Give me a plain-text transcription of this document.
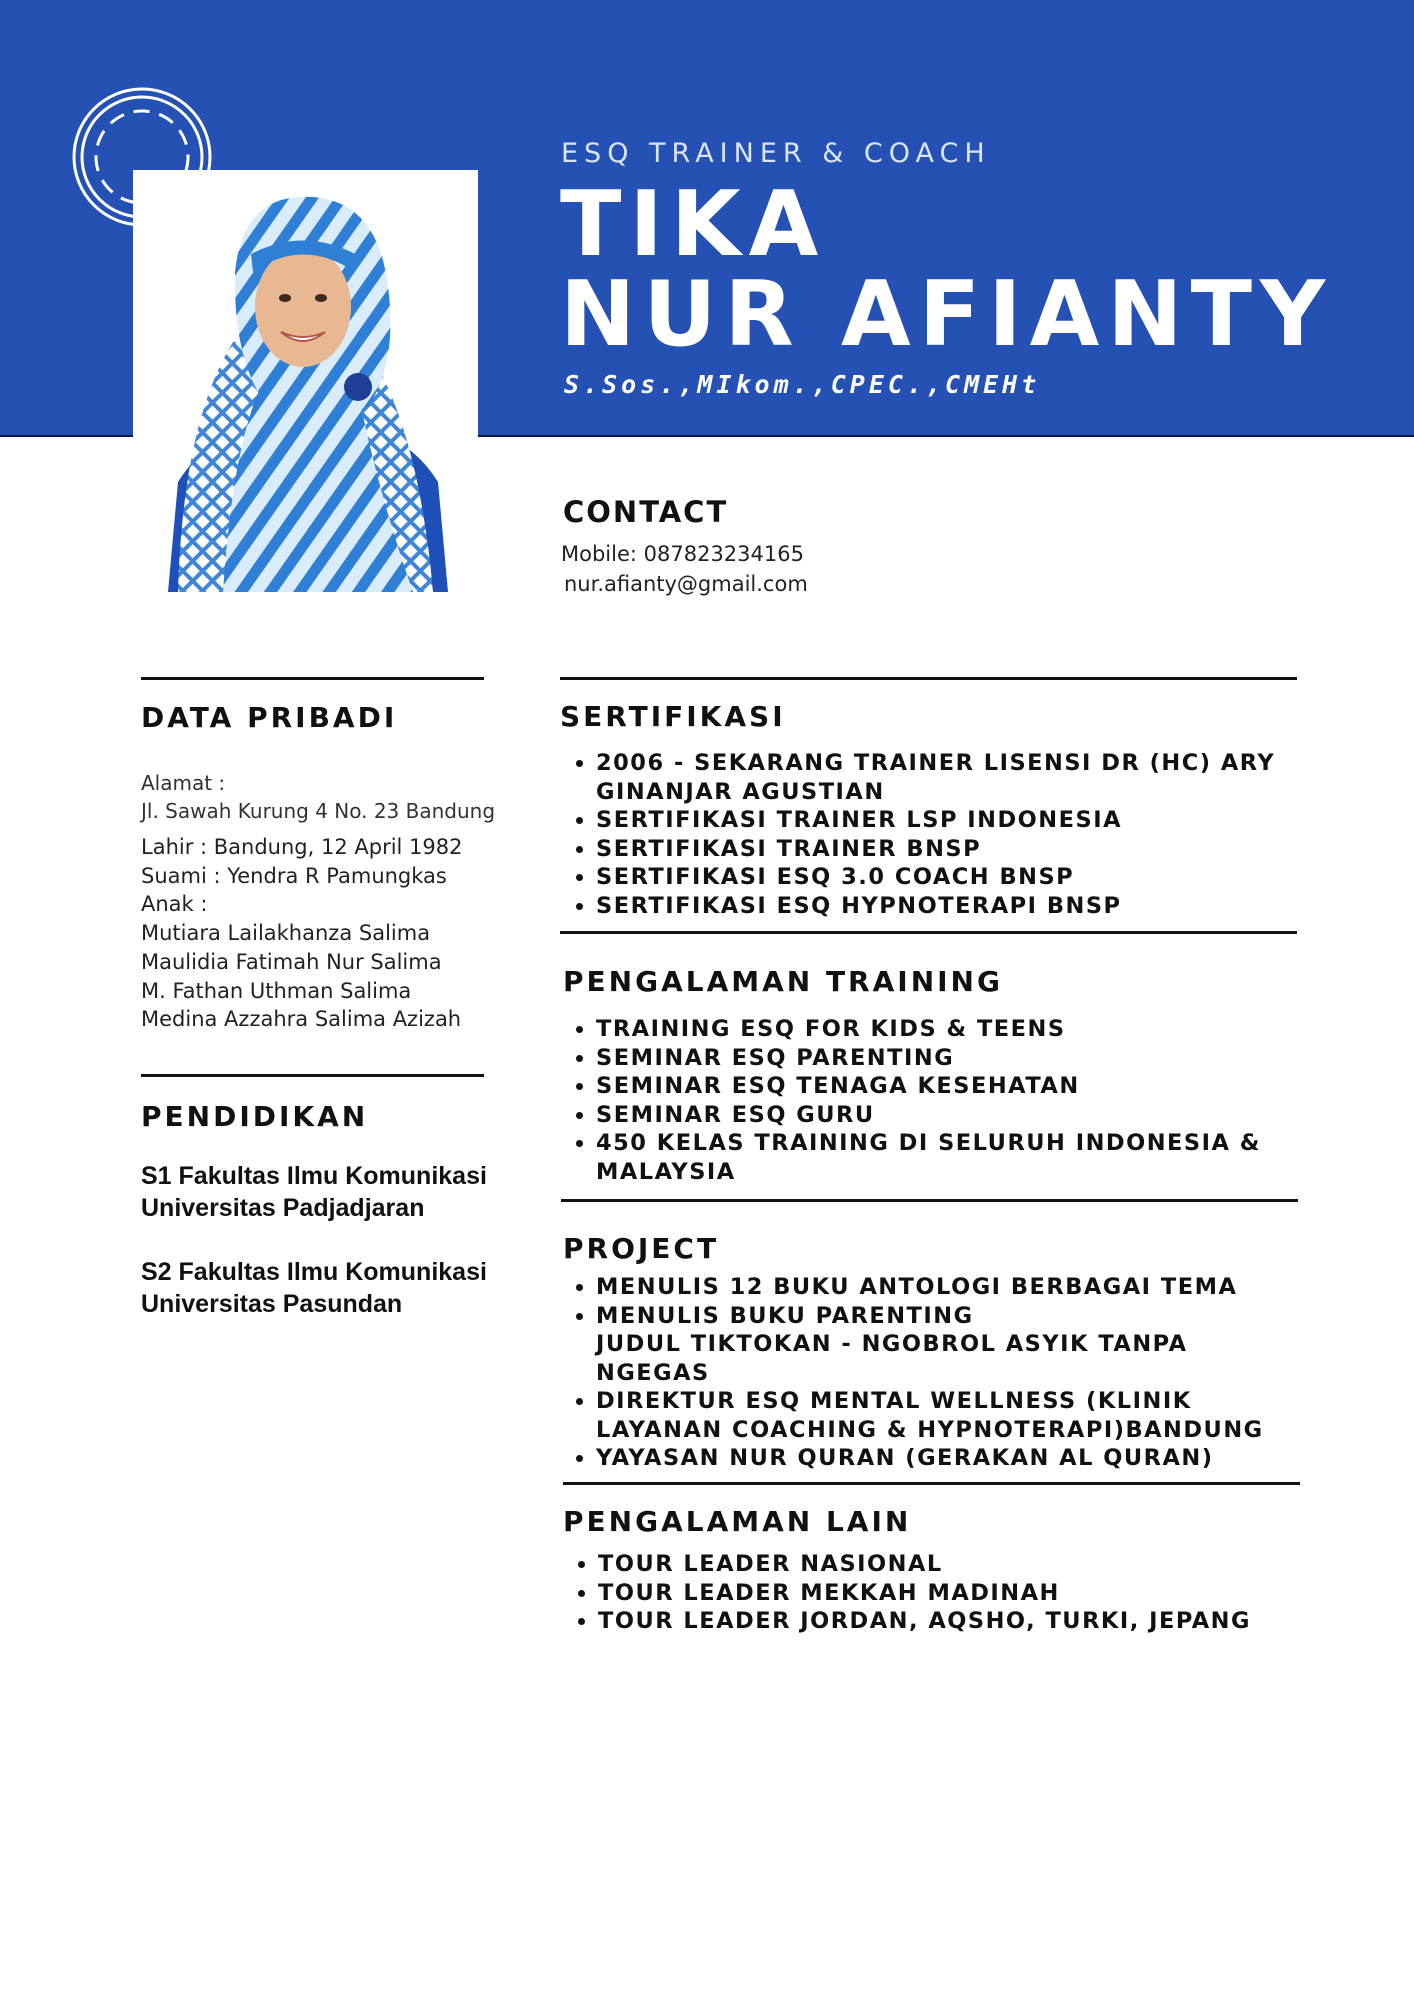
ESQ TRAINER & COACH
TIKA
NUR AFIANTY
S.Sos.,MIkom.,CPEC.,CMEHt
CONTACT
Mobile: 087823234165
nur.afianty@gmail.com
DATA PRIBADI
Alamat :
Jl. Sawah Kurung 4 No. 23 Bandung
Lahir : Bandung, 12 April 1982
Suami : Yendra R Pamungkas
Anak :
Mutiara Lailakhanza Salima
Maulidia Fatimah Nur Salima
M. Fathan Uthman Salima
Medina Azzahra Salima Azizah
PENDIDIKAN

S1 Fakultas Ilmu Komunikasi
Universitas Padjadjaran

S2 Fakultas Ilmu Komunikasi
Universitas Pasundan

SERTIFIKASI
• 2006 - SEKARANG TRAINER LISENSI DR (HC) ARY GINANJAR AGUSTIAN
• SERTIFIKASI TRAINER LSP INDONESIA
• SERTIFIKASI TRAINER BNSP
• SERTIFIKASI ESQ 3.0 COACH BNSP
• SERTIFIKASI ESQ HYPNOTERAPI BNSP
PENGALAMAN TRAINING
• TRAINING ESQ FOR KIDS & TEENS
• SEMINAR ESQ PARENTING
• SEMINAR ESQ TENAGA KESEHATAN
• SEMINAR ESQ GURU
• 450 KELAS TRAINING DI SELURUH INDONESIA & MALAYSIA
PROJECT
• MENULIS 12 BUKU ANTOLOGI BERBAGAI TEMA
• MENULIS BUKU PARENTING
JUDUL TIKTOKAN - NGOBROL ASYIK TANPA NGEGAS
• DIREKTUR ESQ MENTAL WELLNESS (KLINIK LAYANAN COACHING & HYPNOTERAPI)BANDUNG
• YAYASAN NUR QURAN (GERAKAN AL QURAN)
PENGALAMAN LAIN
• TOUR LEADER NASIONAL
• TOUR LEADER MEKKAH MADINAH
• TOUR LEADER JORDAN, AQSHO, TURKI, JEPANG
